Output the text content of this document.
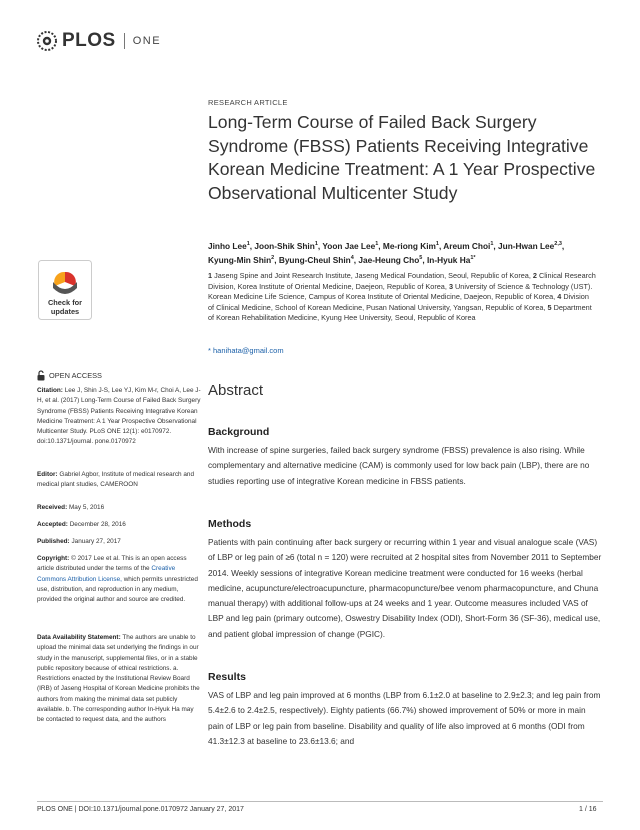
PLOS ONE
RESEARCH ARTICLE
Long-Term Course of Failed Back Surgery Syndrome (FBSS) Patients Receiving Integrative Korean Medicine Treatment: A 1 Year Prospective Observational Multicenter Study
Jinho Lee$^1$, Joon-Shik Shin$^1$, Yoon Jae Lee$^1$, Me-riong Kim$^1$, Areum Choi$^1$, Jun-Hwan Lee$^{2,3}$, Kyung-Min Shin$^2$, Byung-Cheul Shin$^4$, Jae-Heung Cho$^5$, In-Hyuk $Ha^{1*}$
1 Jaseng Spine and Joint Research Institute, Jaseng Medical Foundation, Seoul, Republic of Korea, 2 Clinical Research Division, Korea Institute of Oriental Medicine, Daejeon, Republic of Korea, 3 University of Science & Technology (UST). Korean Medicine Life Science, Campus of Korea Institute of Oriental Medicine, Daejeon, Republic of Korea, 4 Division of Clinical Medicine, School of Korean Medicine, Pusan National University, Yangsan, Republic of Korea, 5 Department of Korean Rehabilitation Medicine, Kyung Hee University, Seoul, Republic of Korea
* hanihata@gmail.com
Check for
updates
OPEN ACCESS
Citation: Lee J, Shin J-S, Lee YJ, Kim M-r, Choi A, Lee J-H, et al. (2017) Long-Term Course of Failed Back Surgery Syndrome (FBSS) Patients Receiving Integrative Korean Medicine Treatment: A 1 Year Prospective Observational Multicenter Study. PLoS ONE 12(1): e0170972. doi:10.1371/journal. pone.0170972
Editor: Gabriel Agbor, Institute of medical research and medical plant studies, CAMEROON
Received: May 5, 2016
Accepted: December 28, 2016
Published: January 27, 2017
Copyright: © 2017 Lee et al. This is an open access article distributed under the terms of the Creative Commons Attribution License, which permits unrestricted use, distribution, and reproduction in any medium, provided the original author and source are credited.
Data Availability Statement: The authors are unable to upload the minimal data set underlying the findings in our study in the manuscript, supplemental files, or in a stable public repository because of ethical restrictions. a. Restrictions enacted by the Institutional Review Board (IRB) of Jaseng Hospital of Korean Medicine prohibits the authors from making the minimal data set publicly available. b. The corresponding author In-Hyuk Ha may be contacted to request data, and the authors
Abstract
Background

With increase of spine surgeries, failed back surgery syndrome (FBSS) prevalence is also rising. While complementary and alternative medicine (CAM) is commonly used for low back pain (LBP), there are no studies reporting use of integrative Korean medicine in FBSS patients.

Methods

Patients with pain continuing after back surgery or recurring within 1 year and visual analogue scale (VAS) of LBP or leg pain of ≥6 (total n = 120) were recruited at 2 hospital sites from November 2011 to September 2014. Weekly sessions of integrative Korean medicine treatment were conducted for 16 weeks (herbal medicine, acupuncture/electroacupuncture, pharmacopuncture/bee venom pharmacopuncture, and Chuna manual therapy) with additional follow-ups at 24 weeks and 1 year. Outcome measures included VAS of LBP and leg pain (primary outcome), Oswestry Disability Index (ODI), Short-Form 36 (SF-36), medical use, and patient global impression of change (PGIC).

Results

VAS of LBP and leg pain improved at 6 months (LBP from 6.1±2.0 at baseline to 2.9±2.3; and leg pain from 5.4±2.6 to 2.4±2.5, respectively). Eighty patients (66.7%) showed improvement of 50% or more in main pain of LBP or leg pain from baseline. Disability and quality of life also improved at 6 months (ODI from 41.3±12.3 at baseline to 23.6±13.6; and

PLOS ONE | DOI:10.1371/journal.pone.0170972 January 27, 2017	1 / 16
